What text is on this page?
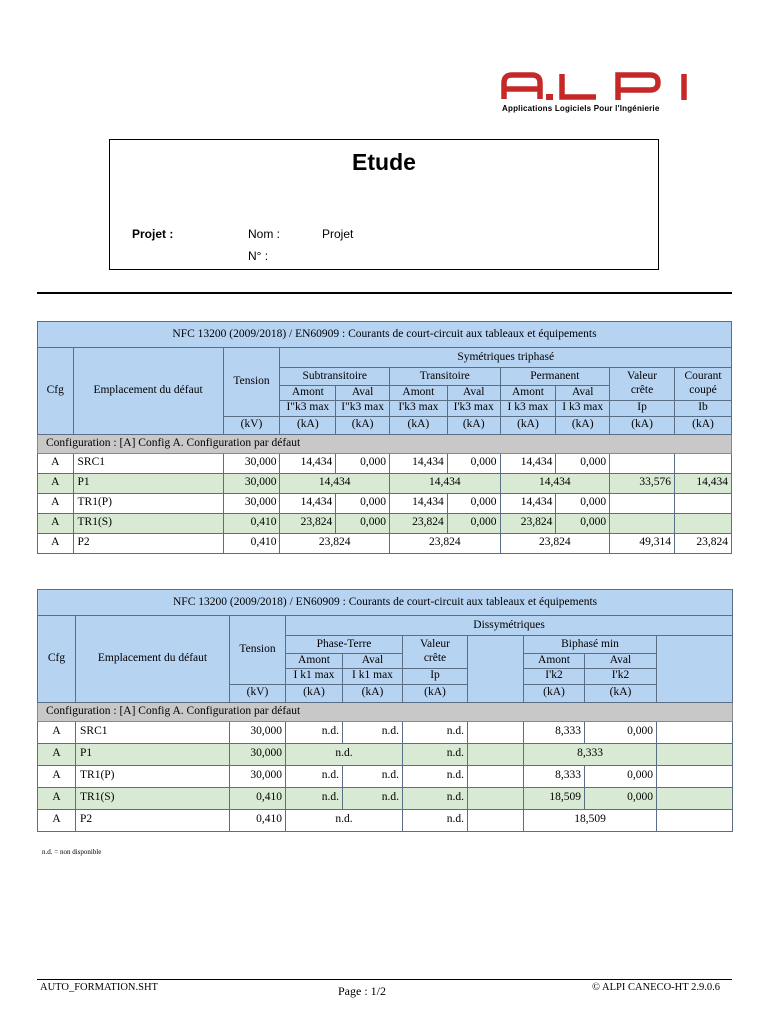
Applications Logiciels Pour l'Ingénierie
Etude
Projet :	Nom :	Projet
N° :
NFC 13200 (2009/2018) / EN60909 : Courants de court-circuit aux tableaux et équipements										
Cfg	Emplacement du défaut	Tension	Symétriques triphasé							
			Subtransitoire		Transitoire		Permanent		Valeur
crête	Courant
coupé
			Amont	Aval	Amont	Aval	Amont	Aval		
			I"k3 max	I"k3 max	I'k3 max	I'k3 max	I k3 max	I k3 max	Ip	Ib
		(kV)	(kA)	(kA)	(kA)	(kA)	(kA)	(kA)	(kA)	(kA)
Configuration : [A] Config A. Configuration par défaut										
A	SRC1	30,000	14,434	0,000	14,434	0,000	14,434	0,000		
A	P1	30,000	14,434		14,434		14,434		33,576	14,434
A	TR1(P)	30,000	14,434	0,000	14,434	0,000	14,434	0,000		
A	TR1(S)	0,410	23,824	0,000	23,824	0,000	23,824	0,000		
A	P2	0,410	23,824		23,824		23,824		49,314	23,824
NFC 13200 (2009/2018) / EN60909 : Courants de court-circuit aux tableaux et équipements									
Cfg	Emplacement du défaut	Tension	Dissymétriques						
			Phase-Terre		Valeur
crête		Biphasé min		
			Amont	Aval			Amont	Aval	
			I k1 max	I k1 max	Ip		I'k2	I'k2	
		(kV)	(kA)	(kA)	(kA)		(kA)	(kA)	
Configuration : [A] Config A. Configuration par défaut									
A	SRC1	30,000	n.d.	n.d.	n.d.		8,333	0,000	
A	P1	30,000	n.d.		n.d.		8,333		
A	TR1(P)	30,000	n.d.	n.d.	n.d.		8,333	0,000	
A	TR1(S)	0,410	n.d.	n.d.	n.d.		18,509	0,000	
A	P2	0,410	n.d.		n.d.		18,509		
n.d. = non disponible
AUTO_FORMATION.SHT	Page : 1/2	© ALPI CANECO-HT 2.9.0.6
